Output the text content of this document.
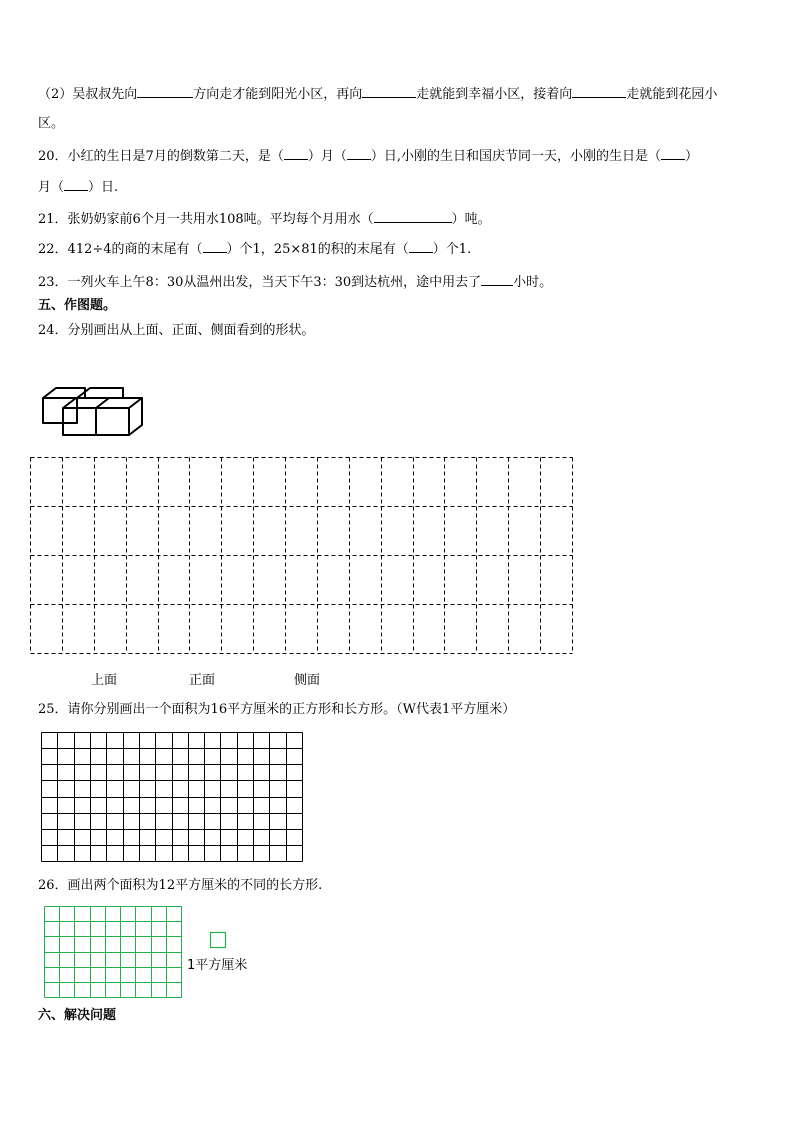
（2）吴叔叔先向	方向走才能到阳光小区，再向	走就能到幸福小区，接着向	走就能到花园小
区。
20．小红的生日是7月的倒数第二天，是（ ）月（ ）日,小刚的生日和国庆节同一天，小刚的生日是（ ）
月（ ）日.
21．张奶奶家前6个月一共用水108吨。平均每个月用水（	）吨。
22．412÷4的商的末尾有（ ）个1，25×81的积的末尾有（ ）个1.
23．一列火车上午8：30从温州出发，当天下午3：30到达杭州，途中用去了 小时。
五、作图题。
24．分别画出从上面、正面、侧面看到的形状。
上面	正面	侧面
25．请你分别画出一个面积为16平方厘米的正方形和长方形。（W代表1平方厘米）
26．画出两个面积为12平方厘米的不同的长方形.
1平方厘米
六、解决问题
